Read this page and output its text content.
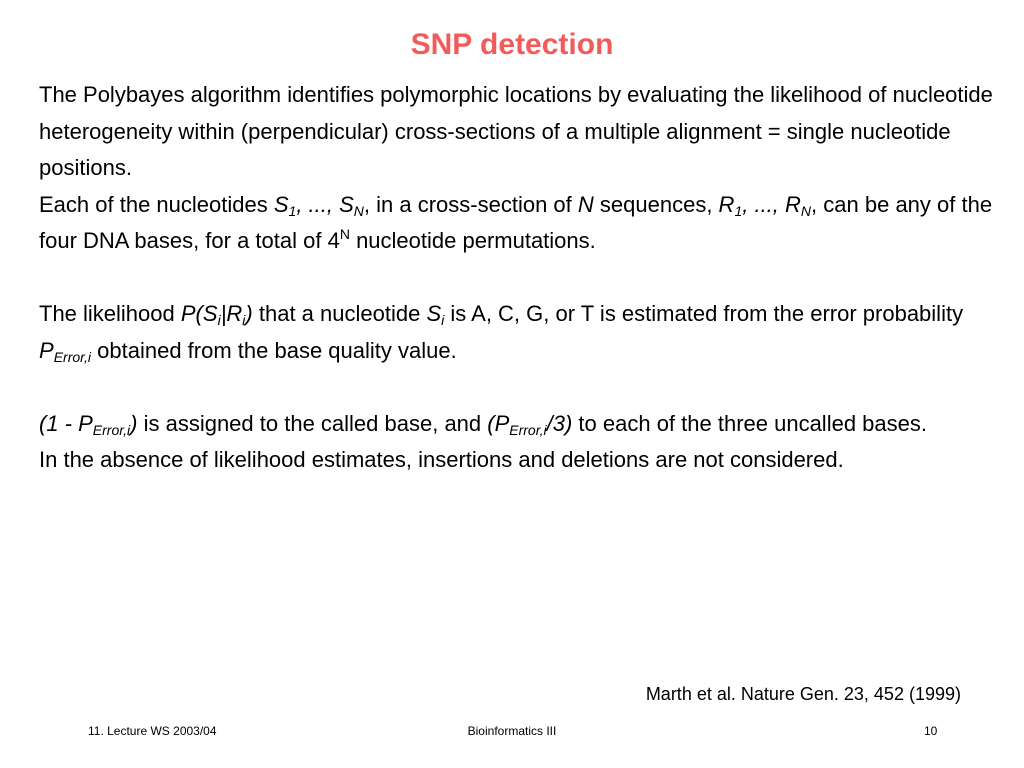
SNP detection

The Polybayes algorithm identifies polymorphic locations by evaluating the likelihood of nucleotide heterogeneity within (perpendicular) cross-sections of a multiple alignment = single nucleotide positions.

Each of the nucleotides $S_1$, ..., $S_N$, in a cross-section of N sequences, $R_1$, ..., $R_N$, can be any of the four DNA bases, for a total of $4^N$ nucleotide permutations.

The likelihood $P(S_i|R_i)$ that a nucleotide $S_i$ is A, C, G, or T is estimated from the error probability $P_{Error,i}$ obtained from the base quality value.

$(1 - P_{Error,i})$ is assigned to the called base, and $(P_{Error,i}/3)$ to each of the three uncalled bases.

In the absence of likelihood estimates, insertions and deletions are not considered.

Marth et al. Nature Gen. 23, 452 (1999)
11. Lecture WS 2003/04	Bioinformatics III	10
